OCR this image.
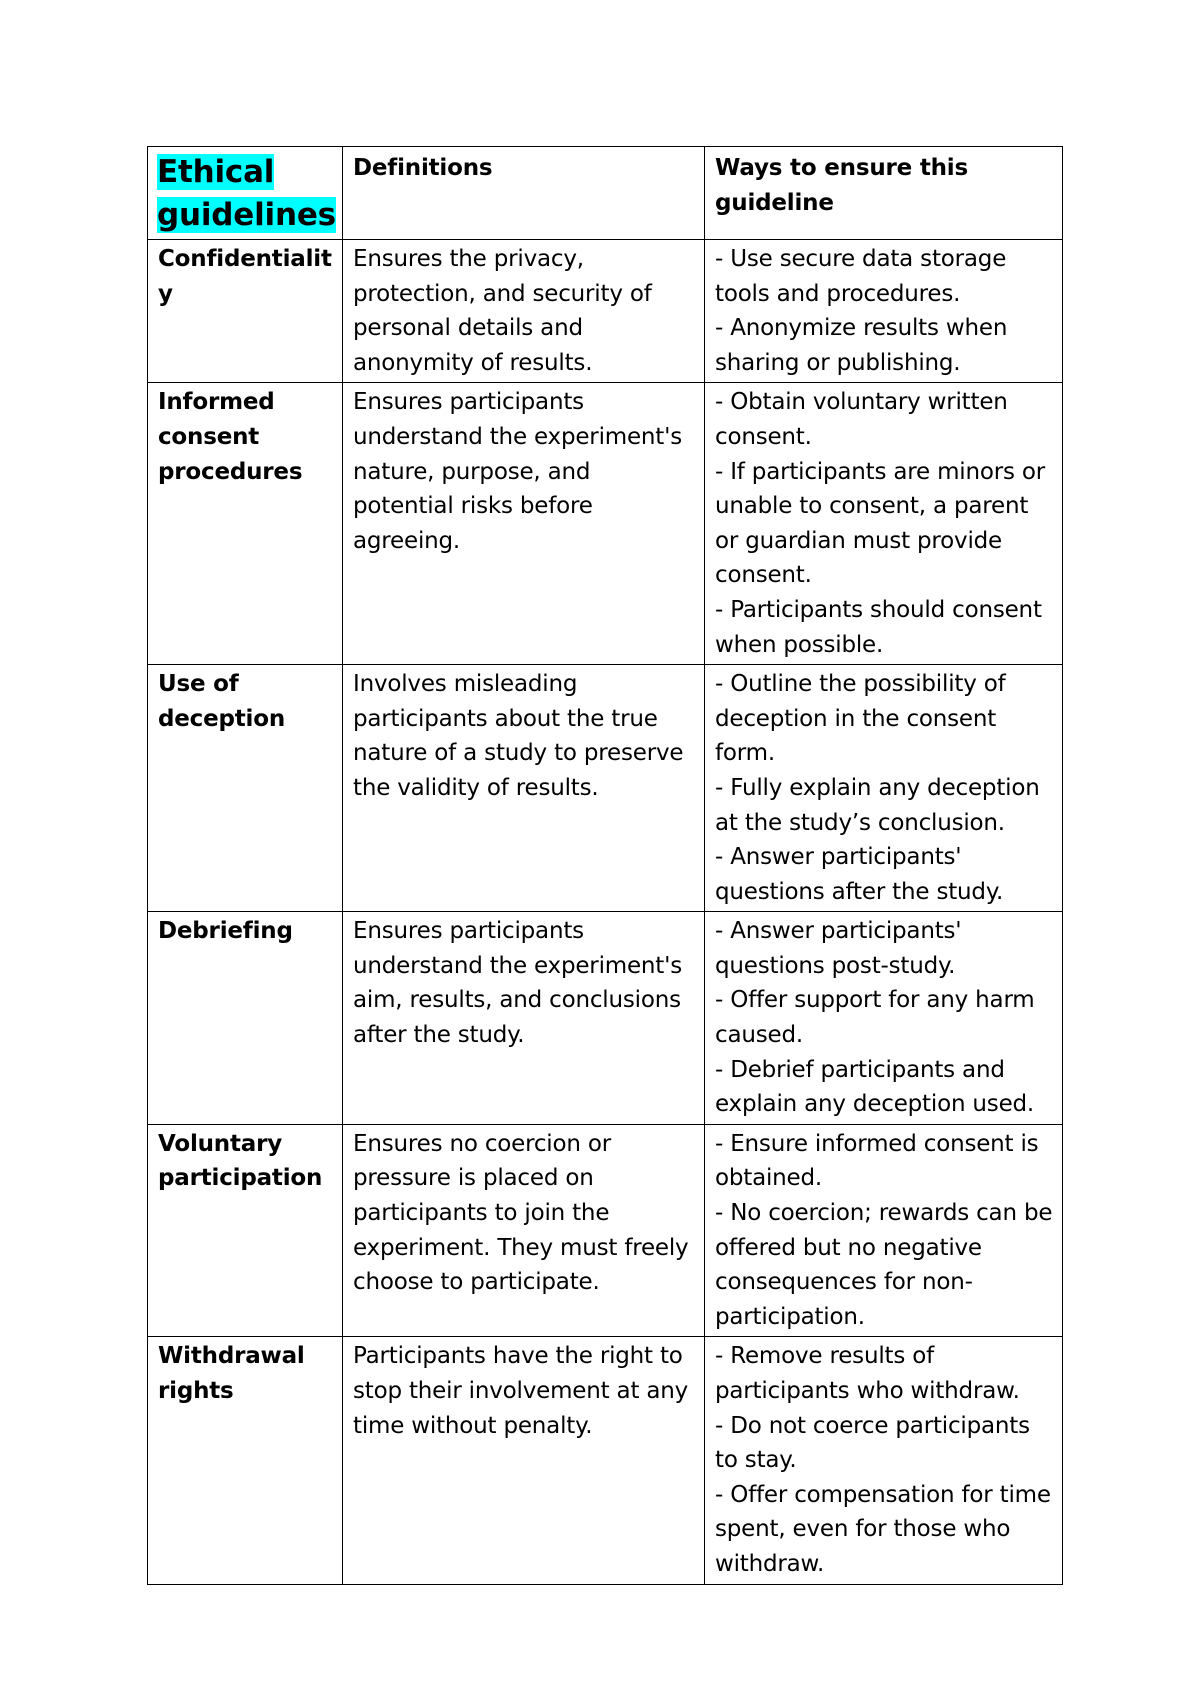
Ethical guidelines	Definitions	Ways to ensure this guideline
Confidentiality	Ensures the privacy, protection, and security of personal details and anonymity of results.	- Use secure data storage tools and procedures.
- Anonymize results when sharing or publishing.

Informed consent procedures	Ensures participants understand the experiment's nature, purpose, and potential risks before agreeing.	- Obtain voluntary written consent.
- If participants are minors or unable to consent, a parent or guardian must provide consent.
- Participants should consent when possible.

Use of deception	Involves misleading participants about the true nature of a study to preserve the validity of results.	- Outline the possibility of deception in the consent form.
- Fully explain any deception at the study’s conclusion.
- Answer participants' questions after the study.

Debriefing	Ensures participants understand the experiment's aim, results, and conclusions after the study.	- Answer participants' questions post-study.
- Offer support for any harm caused.
- Debrief participants and explain any deception used.

Voluntary participation	Ensures no coercion or pressure is placed on participants to join the experiment. They must freely choose to participate.	- Ensure informed consent is obtained.
- No coercion; rewards can be offered but no negative consequences for non-participation.

Withdrawal rights	Participants have the right to stop their involvement at any time without penalty.	- Remove results of participants who withdraw.
- Do not coerce participants to stay.
- Offer compensation for time spent, even for those who withdraw.
